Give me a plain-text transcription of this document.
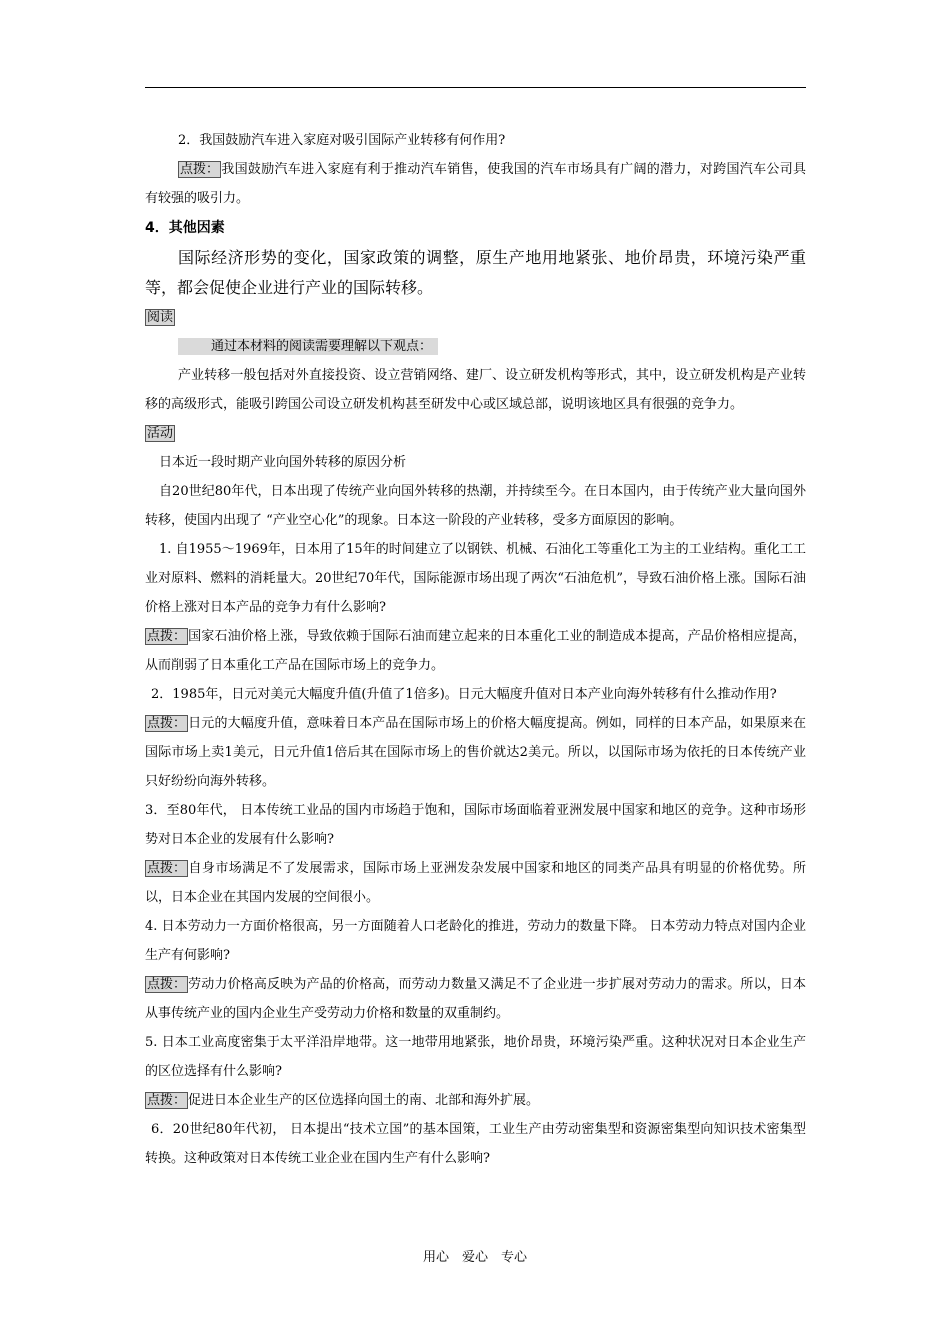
2．我国鼓励汽车进入家庭对吸引国际产业转移有何作用?

点拨： 我国鼓励汽车进入家庭有利于推动汽车销售，使我国的汽车市场具有广阔的潜力，对跨国汽车公司具有较强的吸引力。

4．其他因素

国际经济形势的变化，国家政策的调整，原生产地用地紧张、地价昂贵，环境污染严重等，都会促使企业进行产业的国际转移。

阅读

通过本材料的阅读需要理解以下观点：

产业转移一般包括对外直接投资、设立营销网络、建厂、设立研发机构等形式，其中，设立研发机构是产业转移的高级形式，能吸引跨国公司设立研发机构甚至研发中心或区域总部，说明该地区具有很强的竞争力。

活动

日本近一段时期产业向国外转移的原因分析

自20世纪80年代，日本出现了传统产业向国外转移的热潮，并持续至今。在日本国内，由于传统产业大量向国外转移，使国内出现了 “产业空心化”的现象。日本这一阶段的产业转移，受多方面原因的影响。

1. 自1955～1969年，日本用了15年的时间建立了以钢铁、机械、石油化工等重化工为主的工业结构。重化工工业对原料、燃料的消耗量大。20世纪70年代，国际能源市场出现了两次“石油危机”，导致石油价格上涨。国际石油价格上涨对日本产品的竞争力有什么影响?

点拨： 国家石油价格上涨，导致依赖于国际石油而建立起来的日本重化工业的制造成本提高，产品价格相应提高，从而削弱了日本重化工产品在国际市场上的竞争力。

2．1985年，日元对美元大幅度升值(升值了1倍多)。日元大幅度升值对日本产业向海外转移有什么推动作用?

点拨： 日元的大幅度升值，意味着日本产品在国际市场上的价格大幅度提高。例如，同样的日本产品，如果原来在国际市场上卖1美元，日元升值1倍后其在国际市场上的售价就达2美元。所以，以国际市场为依托的日本传统产业只好纷纷向海外转移。

3．至80年代， 日本传统工业品的国内市场趋于饱和，国际市场面临着亚洲发展中国家和地区的竞争。这种市场形势对日本企业的发展有什么影响?

点拨： 自身市场满足不了发展需求，国际市场上亚洲发杂发展中国家和地区的同类产品具有明显的价格优势。所以，日本企业在其国内发展的空间很小。

4. 日本劳动力一方面价格很高，另一方面随着人口老龄化的推进，劳动力的数量下降。 日本劳动力特点对国内企业生产有何影响?

点拨： 劳动力价格高反映为产品的价格高，而劳动力数量又满足不了企业进一步扩展对劳动力的需求。所以，日本从事传统产业的国内企业生产受劳动力价格和数量的双重制约。

5. 日本工业高度密集于太平洋沿岸地带。这一地带用地紧张，地价昂贵，环境污染严重。这种状况对日本企业生产的区位选择有什么影响?

点拨： 促进日本企业生产的区位选择向国土的南、北部和海外扩展。

6．20世纪80年代初， 日本提出“技术立国”的基本国策，工业生产由劳动密集型和资源密集型向知识技术密集型转换。这种政策对日本传统工业企业在国内生产有什么影响?

用心　爱心　专心
